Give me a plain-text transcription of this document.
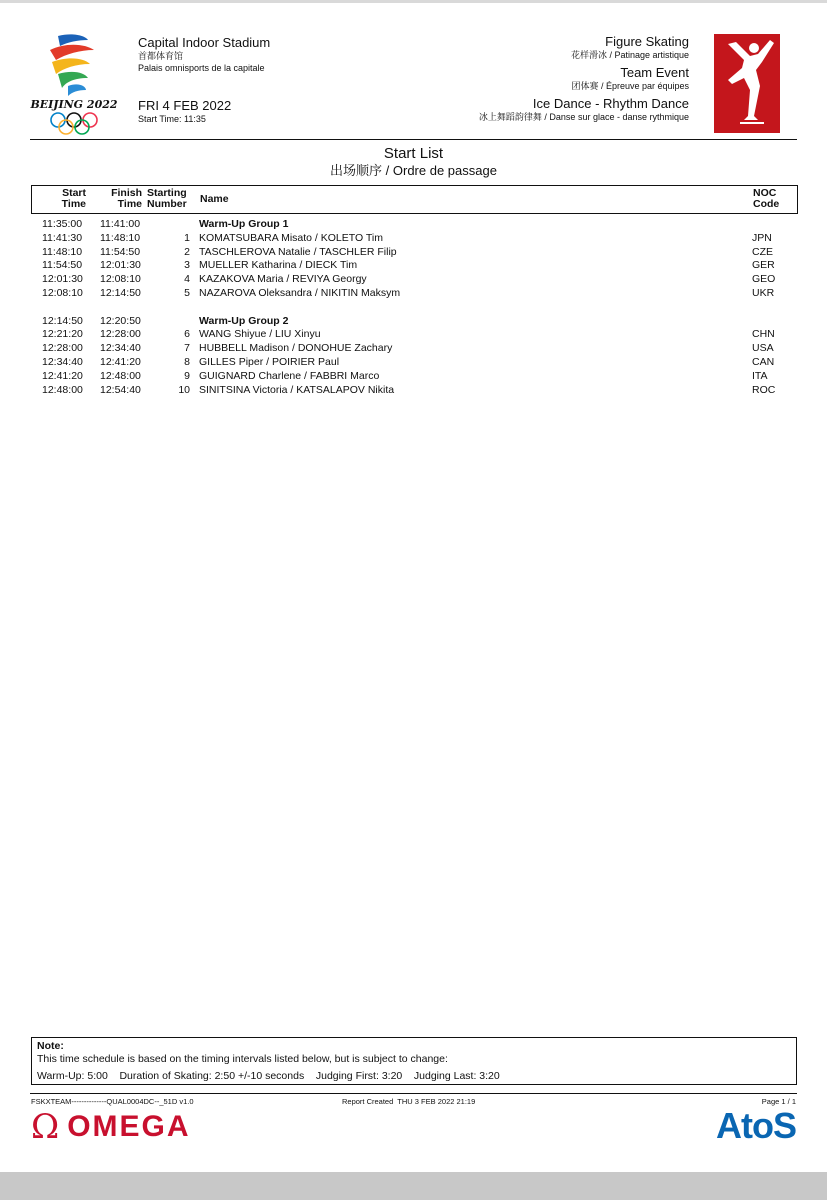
BEIJING 2022
Capital Indoor Stadium
首都体育馆
Palais omnisports de la capitale
FRI 4 FEB 2022
Start Time: 11:35
Figure Skating
花样滑冰 / Patinage artistique
Team Event
团体赛 / Épreuve par équipes
Ice Dance - Rhythm Dance
冰上舞蹈韵律舞 / Danse sur glace - danse rythmique
Start List
出场顺序 / Ordre de passage
Start
Time
Finish
Time
Starting
Number	Name	NOC
Code
11:35:00 11:41:00	Warm-Up Group 1
11:41:30 11:48:10	1 KOMATSUBARA Misato / KOLETO Tim	JPN
11:48:10 11:54:50	2 TASCHLEROVA Natalie / TASCHLER Filip	CZE
11:54:50 12:01:30	3 MUELLER Katharina / DIECK Tim	GER
12:01:30 12:08:10	4 KAZAKOVA Maria / REVIYA Georgy	GEO
12:08:10 12:14:50	5 NAZAROVA Oleksandra / NIKITIN Maksym	UKR
12:14:50 12:20:50	Warm-Up Group 2
12:21:20 12:28:00	6 WANG Shiyue / LIU Xinyu	CHN
12:28:00 12:34:40	7 HUBBELL Madison / DONOHUE Zachary	USA
12:34:40 12:41:20	8 GILLES Piper / POIRIER Paul	CAN
12:41:20 12:48:00	9 GUIGNARD Charlene / FABBRI Marco	ITA
12:48:00 12:54:40	10 SINITSINA Victoria / KATSALAPOV Nikita	ROC
Note:
This time schedule is based on the timing intervals listed below, but is subject to change:
Warm-Up: 5:00    Duration of Skating: 2:50 +/-10 seconds    Judging First: 3:20    Judging Last: 3:20
FSKXTEAM--------------QUAL0004DC--_51D v1.0	Report Created  THU 3 FEB 2022 21:19	Page 1 / 1
Ω OMEGA	AtoS
